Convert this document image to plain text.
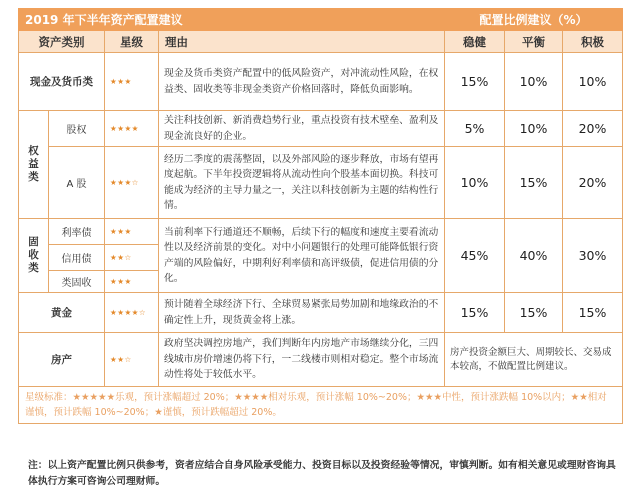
2019 年下半年资产配置建议				配置比例建议（%）		
资产类别		星级	理由	稳健	平衡	积极
现金及货币类		★★★	现金及货币类资产配置中的低风险资产，对冲流动性风险，在权益类、固收类等非现金类资产价格回落时，降低负面影响。	15%	10%	10%
权益类	股权	★★★★	关注科技创新、新消费趋势行业，重点投资有技术壁垒、盈利及现金流良好的企业。	5%	10%	20%
	A 股	★★★☆	经历二季度的震荡整固，以及外部风险的逐步释放，市场有望再度起航。下半年投资逻辑将从流动性向个股基本面切换。科技可能成为经济的主导力量之一，关注以科技创新为主题的结构性行情。	10%	15%	20%
固收类	利率债	★★★	当前利率下行通道还不顺畅，后续下行的幅度和速度主要看流动性以及经济前景的变化。对中小问题银行的处理可能降低银行资产端的风险偏好，中期利好利率债和高评级债，促进信用债的分化。	45%	40%	30%
	信用债	★★☆				
	类固收	★★★				
黄金		★★★★☆	预计随着全球经济下行、全球贸易紧张局势加剧和地缘政治的不确定性上升，现货黄金将上涨。	15%	15%	15%
房产		★★☆	政府坚决调控房地产，我们判断年内房地产市场继续分化，三四线城市房价增速仍将下行，一二线楼市则相对稳定。整个市场流动性将处于较低水平。	房产投资金额巨大、周期较长、交易成本较高，不做配置比例建议。		
星级标准：★★★★★乐观，预计涨幅超过 20%；★★★★相对乐观，预计涨幅 10%~20%；★★★中性，预计涨跌幅 10%以内；★★相对谨慎，预计跌幅 10%~20%；★谨慎，预计跌幅超过 20%。						
注：以上资产配置比例只供参考，资者应结合自身风险承受能力、投资目标以及投资经验等情况，审慎判断。如有相关意见或理财咨询具体执行方案可咨询公司理财师。
